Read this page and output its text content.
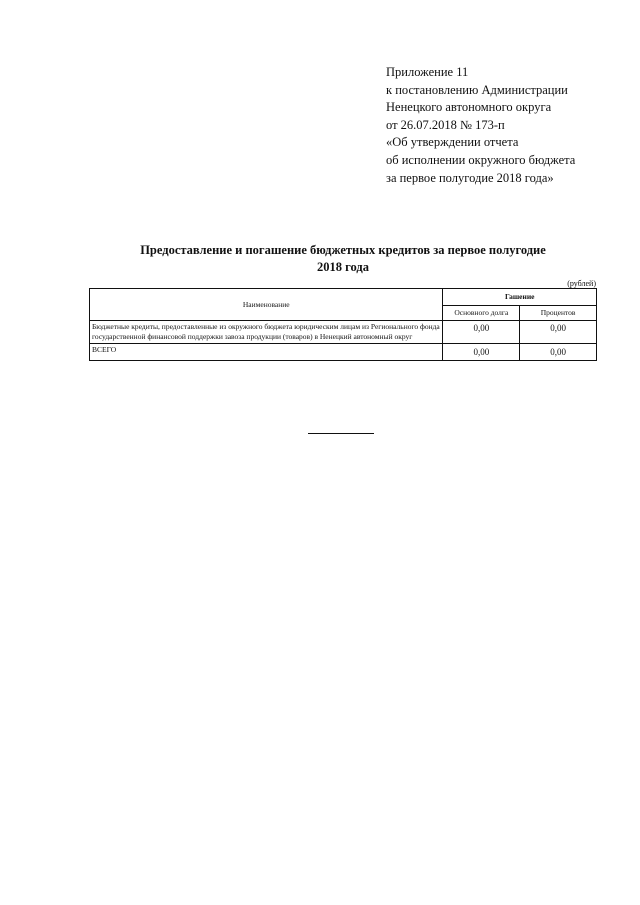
Приложение 11
к постановлению Администрации
Ненецкого автономного округа
от 26.07.2018 № 173-п
«Об утверждении отчета
об исполнении окружного бюджета
за первое полугодие 2018 года»
Предоставление и погашение бюджетных кредитов за первое полугодие
2018 года
(рублей)
Наименование	Гашение	
	Основного долга	Процентов
Бюджетные кредиты, предоставленные из окружного бюджета юридическим лицам из Регионального фонда государственной финансовой поддержки завоза продукции (товаров) в Ненецкий автономный округ	0,00	0,00
ВСЕГО	0,00	0,00
